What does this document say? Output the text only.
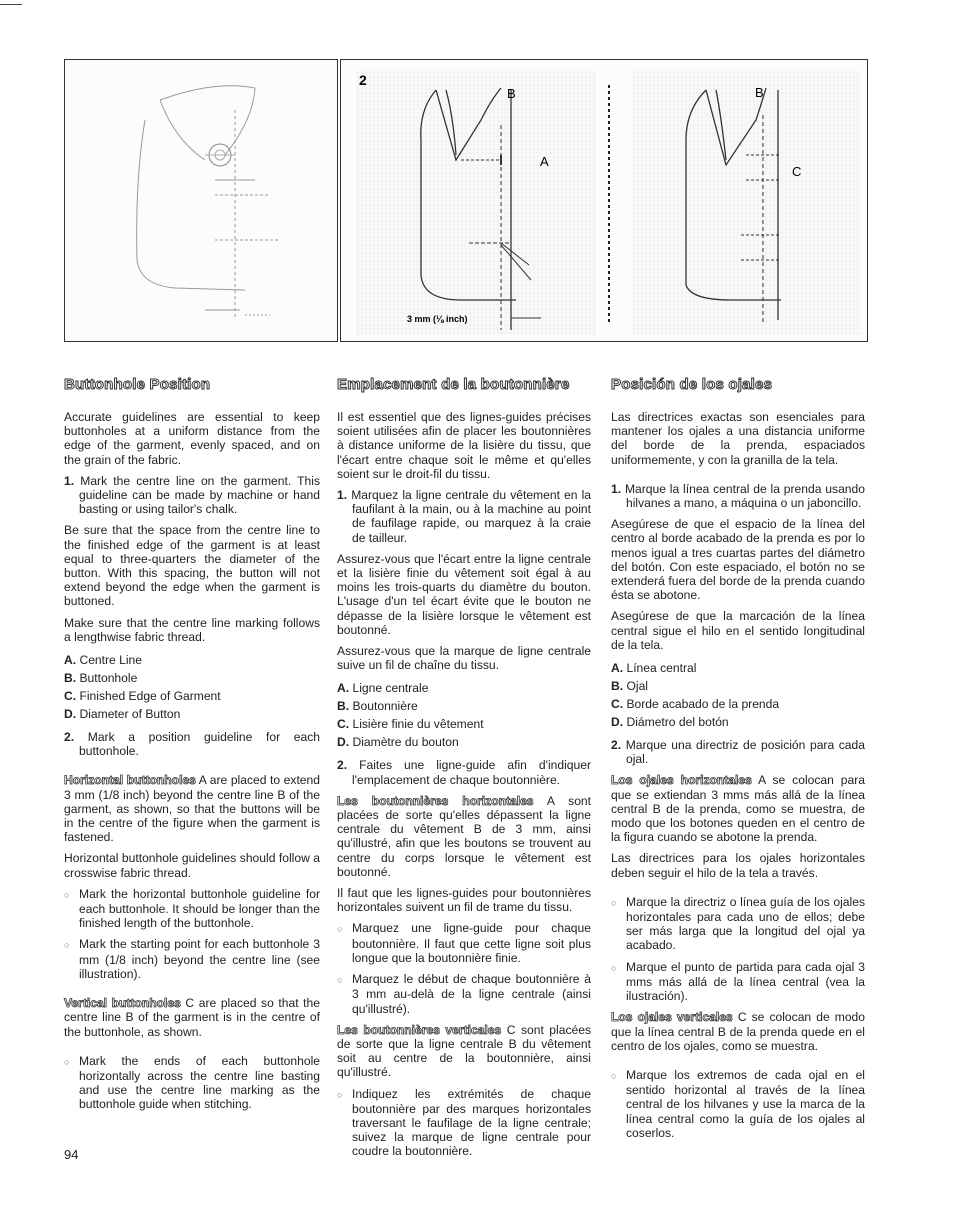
B
A
2
3 mm (⅛ inch)
B
C
Buttonhole Position

Accurate guidelines are essential to keep buttonholes at a uniform distance from the edge of the garment, evenly spaced, and on the grain of the fabric.

1. Mark the centre line on the garment. This guideline can be made by machine or hand basting or using tailor's chalk.

Be sure that the space from the centre line to the finished edge of the garment is at least equal to three-quarters the diameter of the button. With this spacing, the button will not extend beyond the edge when the garment is buttoned.

Make sure that the centre line marking follows a lengthwise fabric thread.

A. Centre Line
B. Buttonhole
C. Finished Edge of Garment
D. Diameter of Button

2. Mark a position guideline for each buttonhole.

Horizontal buttonholes A are placed to extend 3 mm (1/8 inch) beyond the centre line B of the garment, as shown, so that the buttons will be in the centre of the figure when the garment is fastened.

Horizontal buttonhole guidelines should follow a crosswise fabric thread.

○ Mark the horizontal buttonhole guideline for each buttonhole. It should be longer than the finished length of the buttonhole.

○ Mark the starting point for each buttonhole 3 mm (1/8 inch) beyond the centre line (see illustration).

Vertical buttonholes C are placed so that the centre line B of the garment is in the centre of the buttonhole, as shown.

○ Mark the ends of each buttonhole horizontally across the centre line basting and use the centre line marking as the buttonhole guide when stitching.

Emplacement de la boutonnière

Il est essentiel que des lignes-guides précises soient utilisées afin de placer les boutonnières à distance uniforme de la lisière du tissu, que l'écart entre chaque soit le même et qu'elles soient sur le droit-fil du tissu.

1. Marquez la ligne centrale du vêtement en la faufilant à la main, ou à la machine au point de faufilage rapide, ou marquez à la craie de tailleur.

Assurez-vous que l'écart entre la ligne centrale et la lisière finie du vêtement soit égal à au moins les trois-quarts du diamètre du bouton. L'usage d'un tel écart évite que le bouton ne dépasse de la lisière lorsque le vêtement est boutonné.

Assurez-vous que la marque de ligne centrale suive un fil de chaîne du tissu.

A. Ligne centrale
B. Boutonnière
C. Lisière finie du vêtement
D. Diamètre du bouton

2. Faites une ligne-guide afin d'indiquer l'emplacement de chaque boutonnière.

Les boutonnières horizontales A sont placées de sorte qu'elles dépassent la ligne centrale du vêtement B de 3 mm, ainsi qu'illustré, afin que les boutons se trouvent au centre du corps lorsque le vêtement est boutonné.

Il faut que les lignes-guides pour boutonnières horizontales suivent un fil de trame du tissu.

○ Marquez une ligne-guide pour chaque boutonnière. Il faut que cette ligne soit plus longue que la boutonnière finie.

○ Marquez le début de chaque boutonnière à 3 mm au-delà de la ligne centrale (ainsi qu'illustré).

Les boutonnières verticales C sont placées de sorte que la ligne centrale B du vêtement soit au centre de la boutonnière, ainsi qu'illustré.

○ Indiquez les extrémités de chaque boutonnière par des marques horizontales traversant le faufilage de la ligne centrale; suivez la marque de ligne centrale pour coudre la boutonnière.

Posición de los ojales

Las directrices exactas son esenciales para mantener los ojales a una distancia uniforme del borde de la prenda, espaciados uniformemente, y con la granilla de la tela.

1. Marque la línea central de la prenda usando hilvanes a mano, a máquina o un jaboncillo.

Asegúrese de que el espacio de la línea del centro al borde acabado de la prenda es por lo menos igual a tres cuartas partes del diámetro del botón. Con este espaciado, el botón no se extenderá fuera del borde de la prenda cuando ésta se abotone.

Asegúrese de que la marcación de la línea central sigue el hilo en el sentido longitudinal de la tela.

A. Línea central
B. Ojal
C. Borde acabado de la prenda
D. Diámetro del botón

2. Marque una directriz de posición para cada ojal.

Los ojales horizontales A se colocan para que se extiendan 3 mms más allá de la línea central B de la prenda, como se muestra, de modo que los botones queden en el centro de la figura cuando se abotone la prenda.

Las directrices para los ojales horizontales deben seguir el hilo de la tela a través.

○ Marque la directriz o línea guía de los ojales horizontales para cada uno de ellos; debe ser más larga que la longitud del ojal ya acabado.

○ Marque el punto de partida para cada ojal 3 mms más allá de la línea central (vea la ilustración).

Los ojales verticales C se colocan de modo que la línea central B de la prenda quede en el centro de los ojales, como se muestra.

○ Marque los extremos de cada ojal en el sentido horizontal al través de la línea central de los hilvanes y use la marca de la línea central como la guía de los ojales al coserlos.

94
